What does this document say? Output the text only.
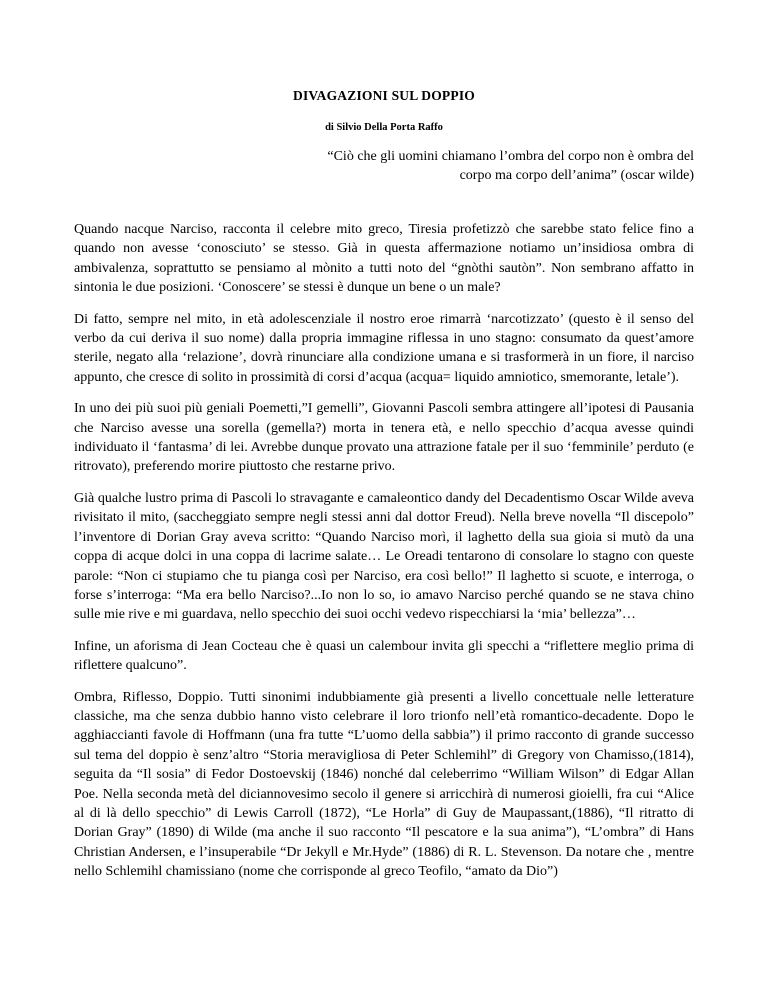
DIVAGAZIONI SUL DOPPIO
di Silvio Della Porta Raffo

“Ciò che gli uomini chiamano l’ombra del corpo non è ombra del corpo ma corpo dell’anima” (oscar wilde)

Quando nacque Narciso, racconta il celebre mito greco, Tiresia profetizzò che sarebbe stato felice fino a quando non avesse ‘conosciuto’ se stesso. Già in questa affermazione notiamo un’insidiosa ombra di ambivalenza, soprattutto se pensiamo al mònito a tutti noto del “gnòthi sautòn”. Non sembrano affatto in sintonia le due posizioni. ‘Conoscere’ se stessi è dunque un bene o un male?

Di fatto, sempre nel mito, in età adolescenziale il nostro eroe rimarrà ‘narcotizzato’ (questo è il senso del verbo da cui deriva il suo nome) dalla propria immagine riflessa in uno stagno: consumato da quest’amore sterile, negato alla ‘relazione’, dovrà rinunciare alla condizione umana e si trasformerà in un fiore, il narciso appunto, che cresce di solito in prossimità di corsi d’acqua (acqua= liquido amniotico, smemorante, letale’).

In uno dei più suoi più geniali Poemetti,”I gemelli”, Giovanni Pascoli sembra attingere all’ipotesi di Pausania che Narciso avesse una sorella (gemella?) morta in tenera età, e nello specchio d’acqua avesse quindi individuato il ‘fantasma’ di lei. Avrebbe dunque provato una attrazione fatale per il suo ‘femminile’ perduto (e ritrovato), preferendo morire piuttosto che restarne privo.

Già qualche lustro prima di Pascoli lo stravagante e camaleontico dandy del Decadentismo Oscar Wilde aveva rivisitato il mito, (saccheggiato sempre negli stessi anni dal dottor Freud). Nella breve novella “Il discepolo” l’inventore di Dorian Gray aveva scritto: “Quando Narciso morì, il laghetto della sua gioia si mutò da una coppa di acque dolci in una coppa di lacrime salate… Le Oreadi tentarono di consolare lo stagno con queste parole: “Non ci stupiamo che tu pianga così per Narciso, era così bello!” Il laghetto si scuote, e interroga, o forse s’interroga: “Ma era bello Narciso?...Io non lo so, io amavo Narciso perché quando se ne stava chino sulle mie rive e mi guardava, nello specchio dei suoi occhi vedevo rispecchiarsi la ‘mia’ bellezza”…

Infine, un aforisma di Jean Cocteau che è quasi un calembour invita gli specchi a “riflettere meglio prima di riflettere qualcuno”.

Ombra, Riflesso, Doppio. Tutti sinonimi indubbiamente già presenti a livello concettuale nelle letterature classiche, ma che senza dubbio hanno visto celebrare il loro trionfo nell’età romantico-decadente. Dopo le agghiaccianti favole di Hoffmann (una fra tutte “L’uomo della sabbia”) il primo racconto di grande successo sul tema del doppio è senz’altro “Storia meravigliosa di Peter Schlemihl” di Gregory von Chamisso,(1814), seguita da “Il sosia” di Fedor Dostoevskij (1846) nonché dal celeberrimo “William Wilson” di Edgar Allan Poe. Nella seconda metà del diciannovesimo secolo il genere si arricchirà di numerosi gioielli, fra cui “Alice al di là dello specchio” di Lewis Carroll (1872), “Le Horla” di Guy de Maupassant,(1886), “Il ritratto di Dorian Gray” (1890) di Wilde (ma anche il suo racconto “Il pescatore e la sua anima”), “L’ombra” di Hans Christian Andersen, e l’insuperabile “Dr Jekyll e Mr.Hyde” (1886) di R. L. Stevenson. Da notare che , mentre nello Schlemihl chamissiano (nome che corrisponde al greco Teofilo, “amato da Dio”)
